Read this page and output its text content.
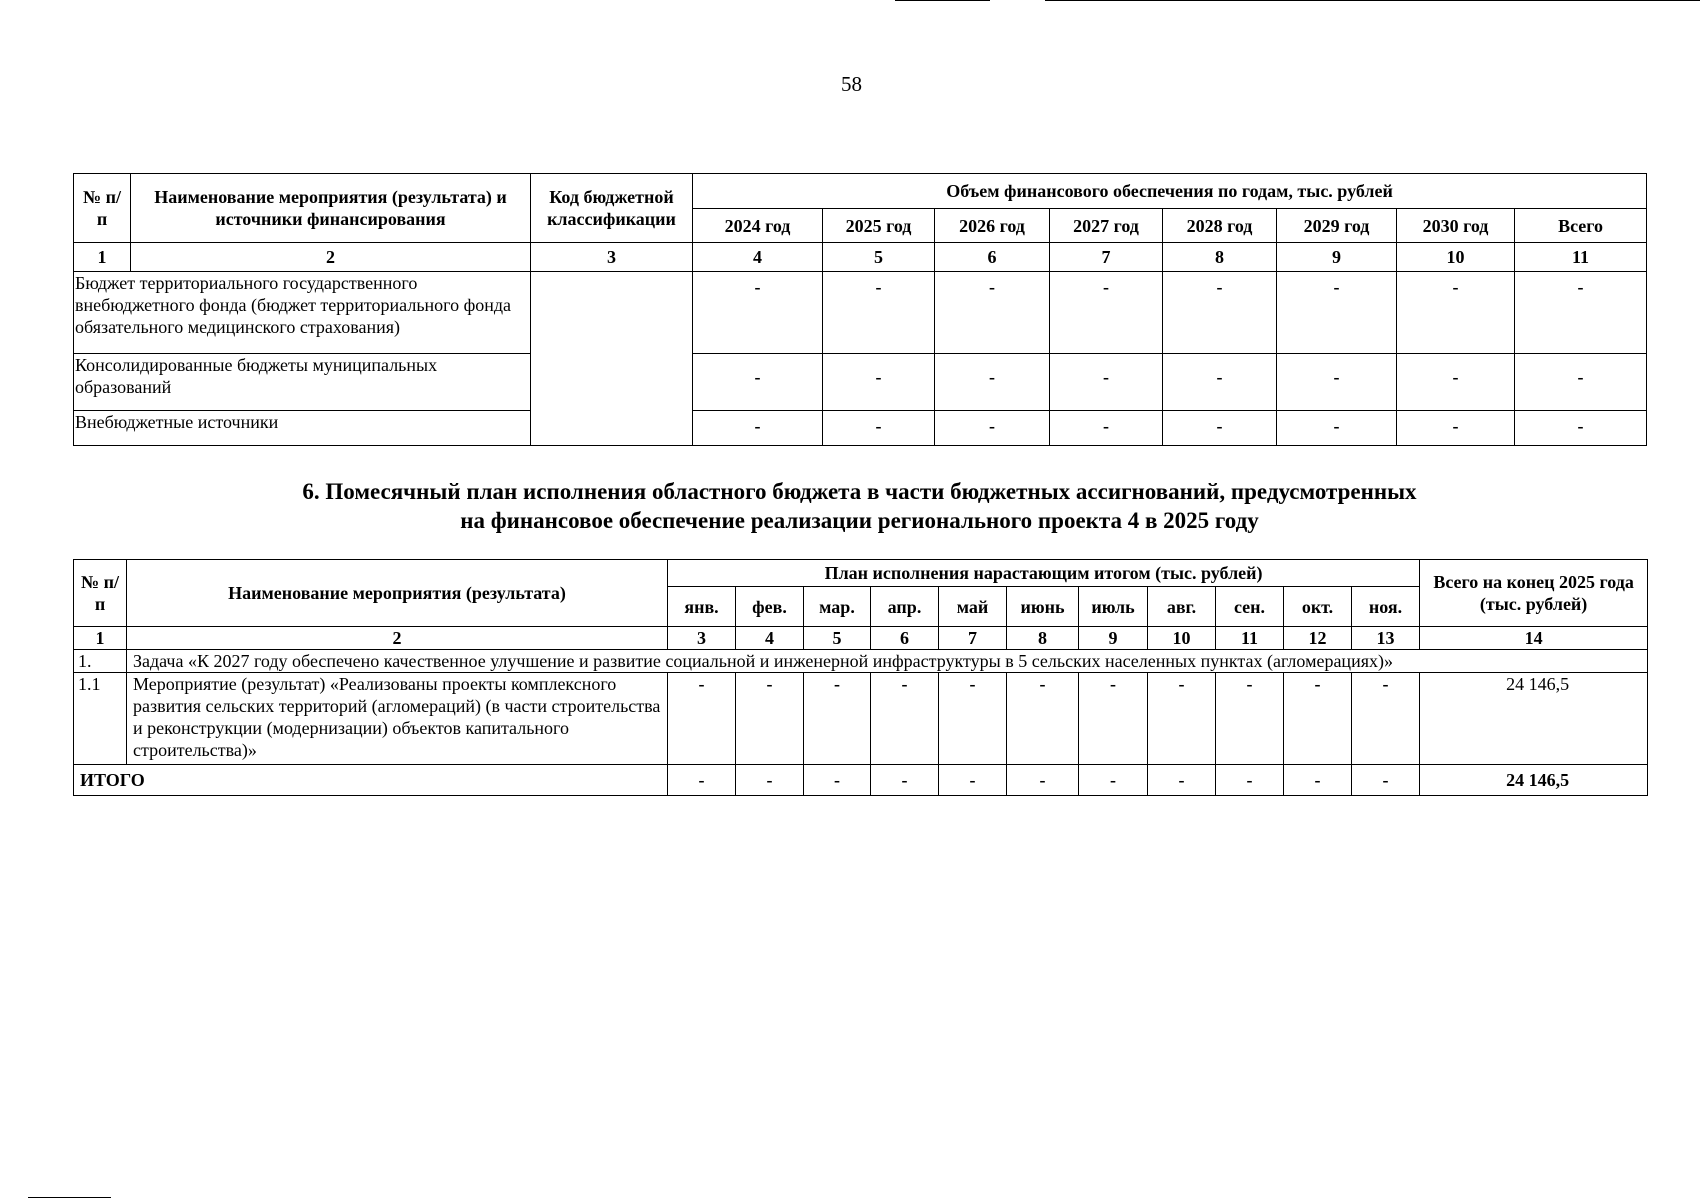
58
№ п/п	Наименование мероприятия (результата) и источники финансирования	Код бюджетной классификации	Объем финансового обеспечения по годам, тыс. рублей							
			2024 год	2025 год	2026 год	2027 год	2028 год	2029 год	2030 год	Всего
1	2	3	4	5	6	7	8	9	10	11
Бюджет территориального государственного внебюджетного фонда (бюджет территориального фонда обязательного медицинского страхования)			-	-	-	-	-	-	-	-
Консолидированные бюджеты муниципальных образований			-	-	-	-	-	-	-	-
Внебюджетные источники			-	-	-	-	-	-	-	-
6. Помесячный план исполнения областного бюджета в части бюджетных ассигнований, предусмотренных
на финансовое обеспечение реализации регионального проекта 4 в 2025 году
№ п/п	Наименование мероприятия (результата)	План исполнения нарастающим итогом (тыс. рублей)											Всего на конец 2025 года (тыс. рублей)
		янв.	фев.	мар.	апр.	май	июнь	июль	авг.	сен.	окт.	ноя.	
1	2	3	4	5	6	7	8	9	10	11	12	13	14
1.	Задача «К 2027 году обеспечено качественное улучшение и развитие социальной и инженерной инфраструктуры в 5 сельских населенных пунктах (агломерациях)»												
1.1	Мероприятие (результат) «Реализованы проекты комплексного развития сельских территорий (агломераций) (в части строительства и реконструкции (модернизации) объектов капитального строительства)»	-	-	-	-	-	-	-	-	-	-	-	24 146,5
ИТОГО		-	-	-	-	-	-	-	-	-	-	-	24 146,5
